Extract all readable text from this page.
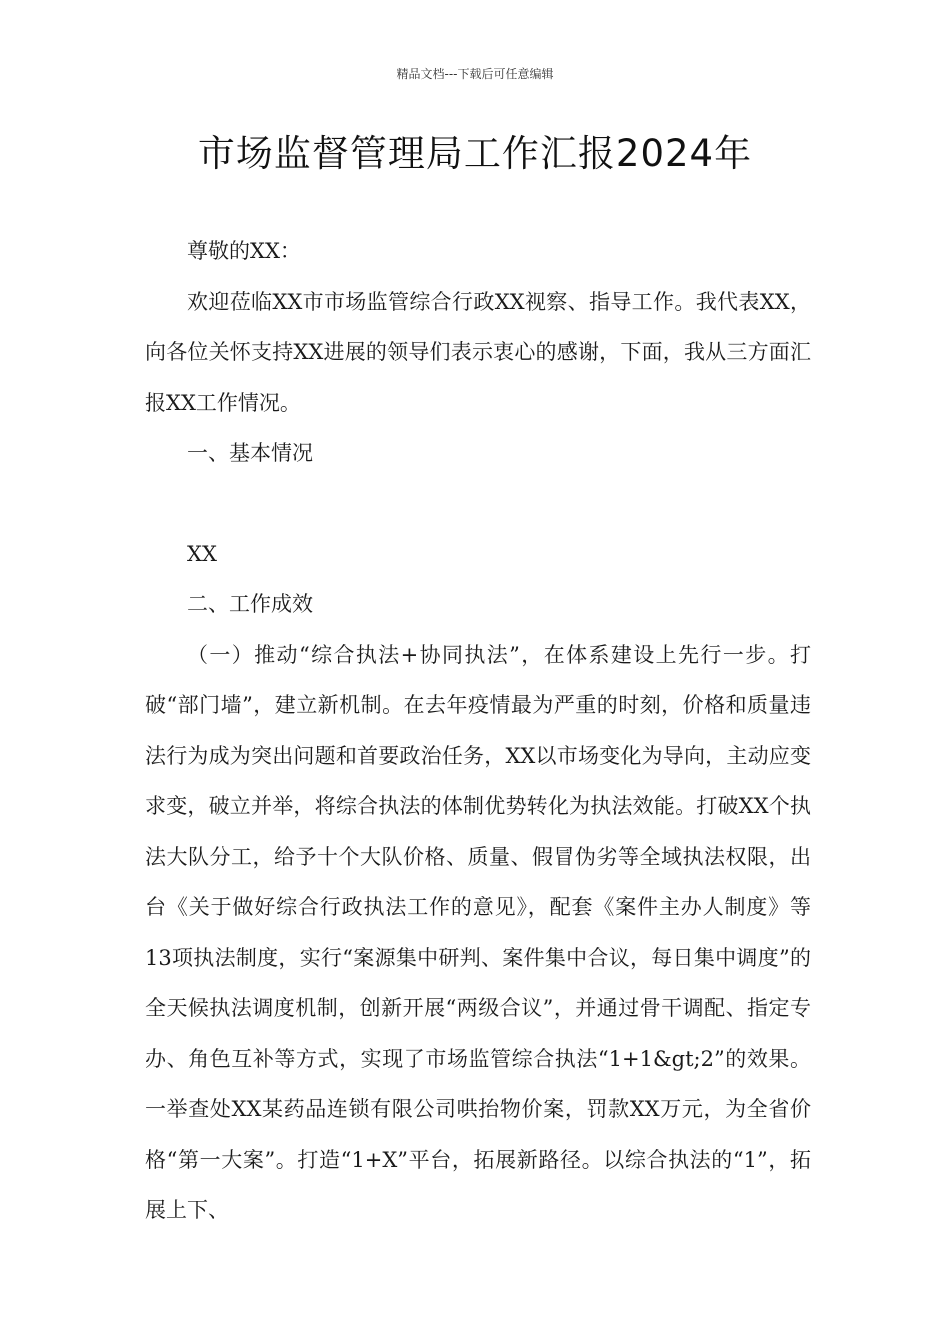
精品文档---下载后可任意编辑
市场监督管理局工作汇报2024年

尊敬的XX：

欢迎莅临XX市市场监管综合行政XX视察、指导工作。我代表XX，向各位关怀支持XX进展的领导们表示衷心的感谢，下面，我从三方面汇报XX工作情况。

一、基本情况

XX

二、工作成效

（一）推动“综合执法+协同执法”，在体系建设上先行一步。打破“部门墙”，建立新机制。在去年疫情最为严重的时刻，价格和质量违法行为成为突出问题和首要政治任务，XX以市场变化为导向，主动应变求变，破立并举，将综合执法的体制优势转化为执法效能。打破XX个执法大队分工，给予十个大队价格、质量、假冒伪劣等全域执法权限，出台《关于做好综合行政执法工作的意见》，配套《案件主办人制度》等13项执法制度，实行“案源集中研判、案件集中合议，每日集中调度”的全天候执法调度机制，创新开展“两级合议”，并通过骨干调配、指定专办、角色互补等方式，实现了市场监管综合执法“1+1&gt;2”的效果。一举查处XX某药品连锁有限公司哄抬物价案，罚款XX万元，为全省价格“第一大案”。打造“1+X”平台，拓展新路径。以综合执法的“1”，拓展上下、
